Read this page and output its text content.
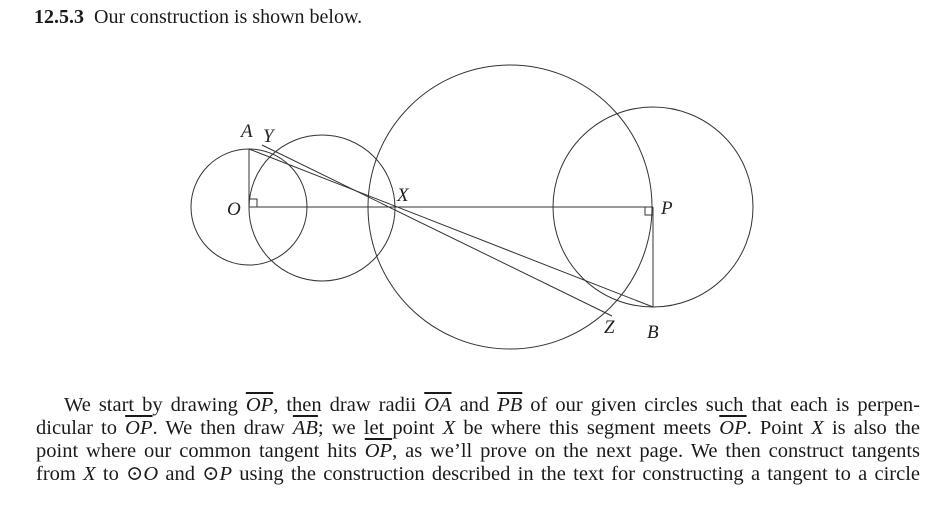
12.5.3 Our construction is shown below.
A Y
O
X
P
Z B
We start by drawing $\overline{OP}$, then draw radii $\overline{OA}$ and $\overline{PB}$ of our given circles such that each is perpen-
dicular to $\overline{OP}$. We then draw $\overline{AB}$; we let point X be where this segment meets $\overline{OP}$. Point X is also the
point where our common tangent hits $\overline{OP}$, as we’ll prove on the next page. We then construct tangents
from X to ⊙O and ⊙P using the construction described in the text for constructing a tangent to a circle
